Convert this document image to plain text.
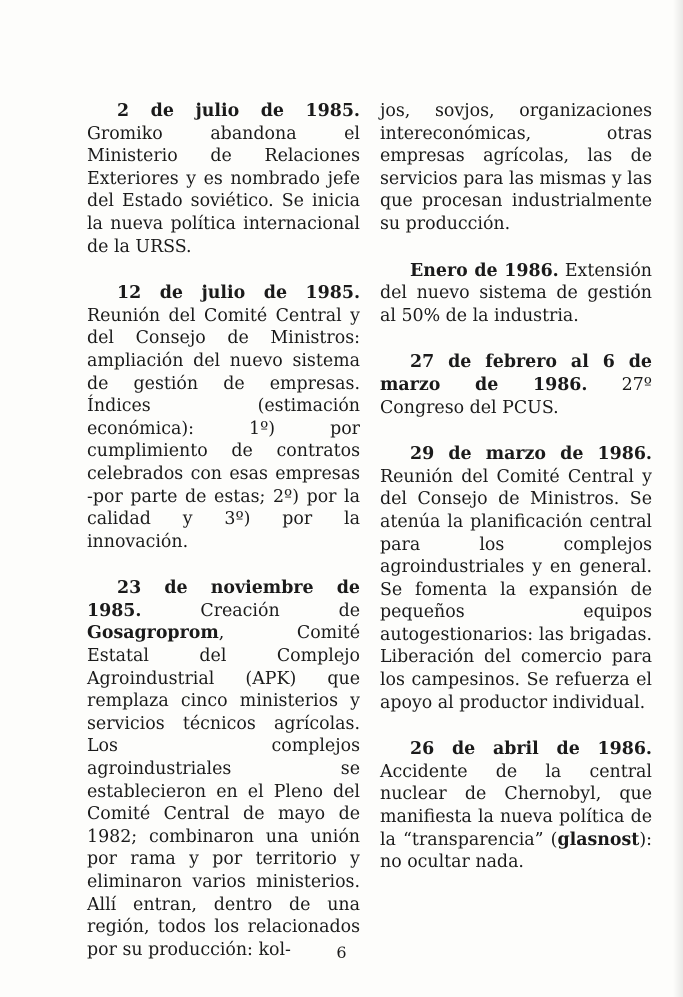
2 de julio de 1985. Gromiko abandona el Ministerio de Relaciones Exteriores y es nombrado jefe del Estado soviético. Se inicia la nueva política internacional de la URSS.

12 de julio de 1985. Reunión del Comité Central y del Consejo de Ministros: ampliación del nuevo sistema de gestión de empresas. Índices (estimación económica): 1º) por cumplimiento de contratos celebrados con esas empresas -por parte de estas; 2º) por la calidad y 3º) por la innovación.

23 de noviembre de 1985. Creación de Gosagroprom, Comité Estatal del Complejo Agroindustrial (APK) que remplaza cinco ministerios y servicios técnicos agrícolas. Los complejos agroindustriales se establecieron en el Pleno del Comité Central de mayo de 1982; combinaron una unión por rama y por territorio y eliminaron varios ministerios. Allí entran, dentro de una región, todos los relacionados por su producción: kol-

jos, sovjos, organizaciones intereconómicas, otras empresas agrícolas, las de servicios para las mismas y las que procesan industrialmente su producción.

Enero de 1986. Extensión del nuevo sistema de gestión al 50% de la industria.

27 de febrero al 6 de marzo de 1986. 27º Congreso del PCUS.

29 de marzo de 1986. Reunión del Comité Central y del Consejo de Ministros. Se atenúa la planificación central para los complejos agroindustriales y en general. Se fomenta la expansión de pequeños equipos autogestionarios: las brigadas. Liberación del comercio para los campesinos. Se refuerza el apoyo al productor individual.

26 de abril de 1986. Accidente de la central nuclear de Chernobyl, que manifiesta la nueva política de la “transparencia” (glasnost): no ocultar nada.

6
